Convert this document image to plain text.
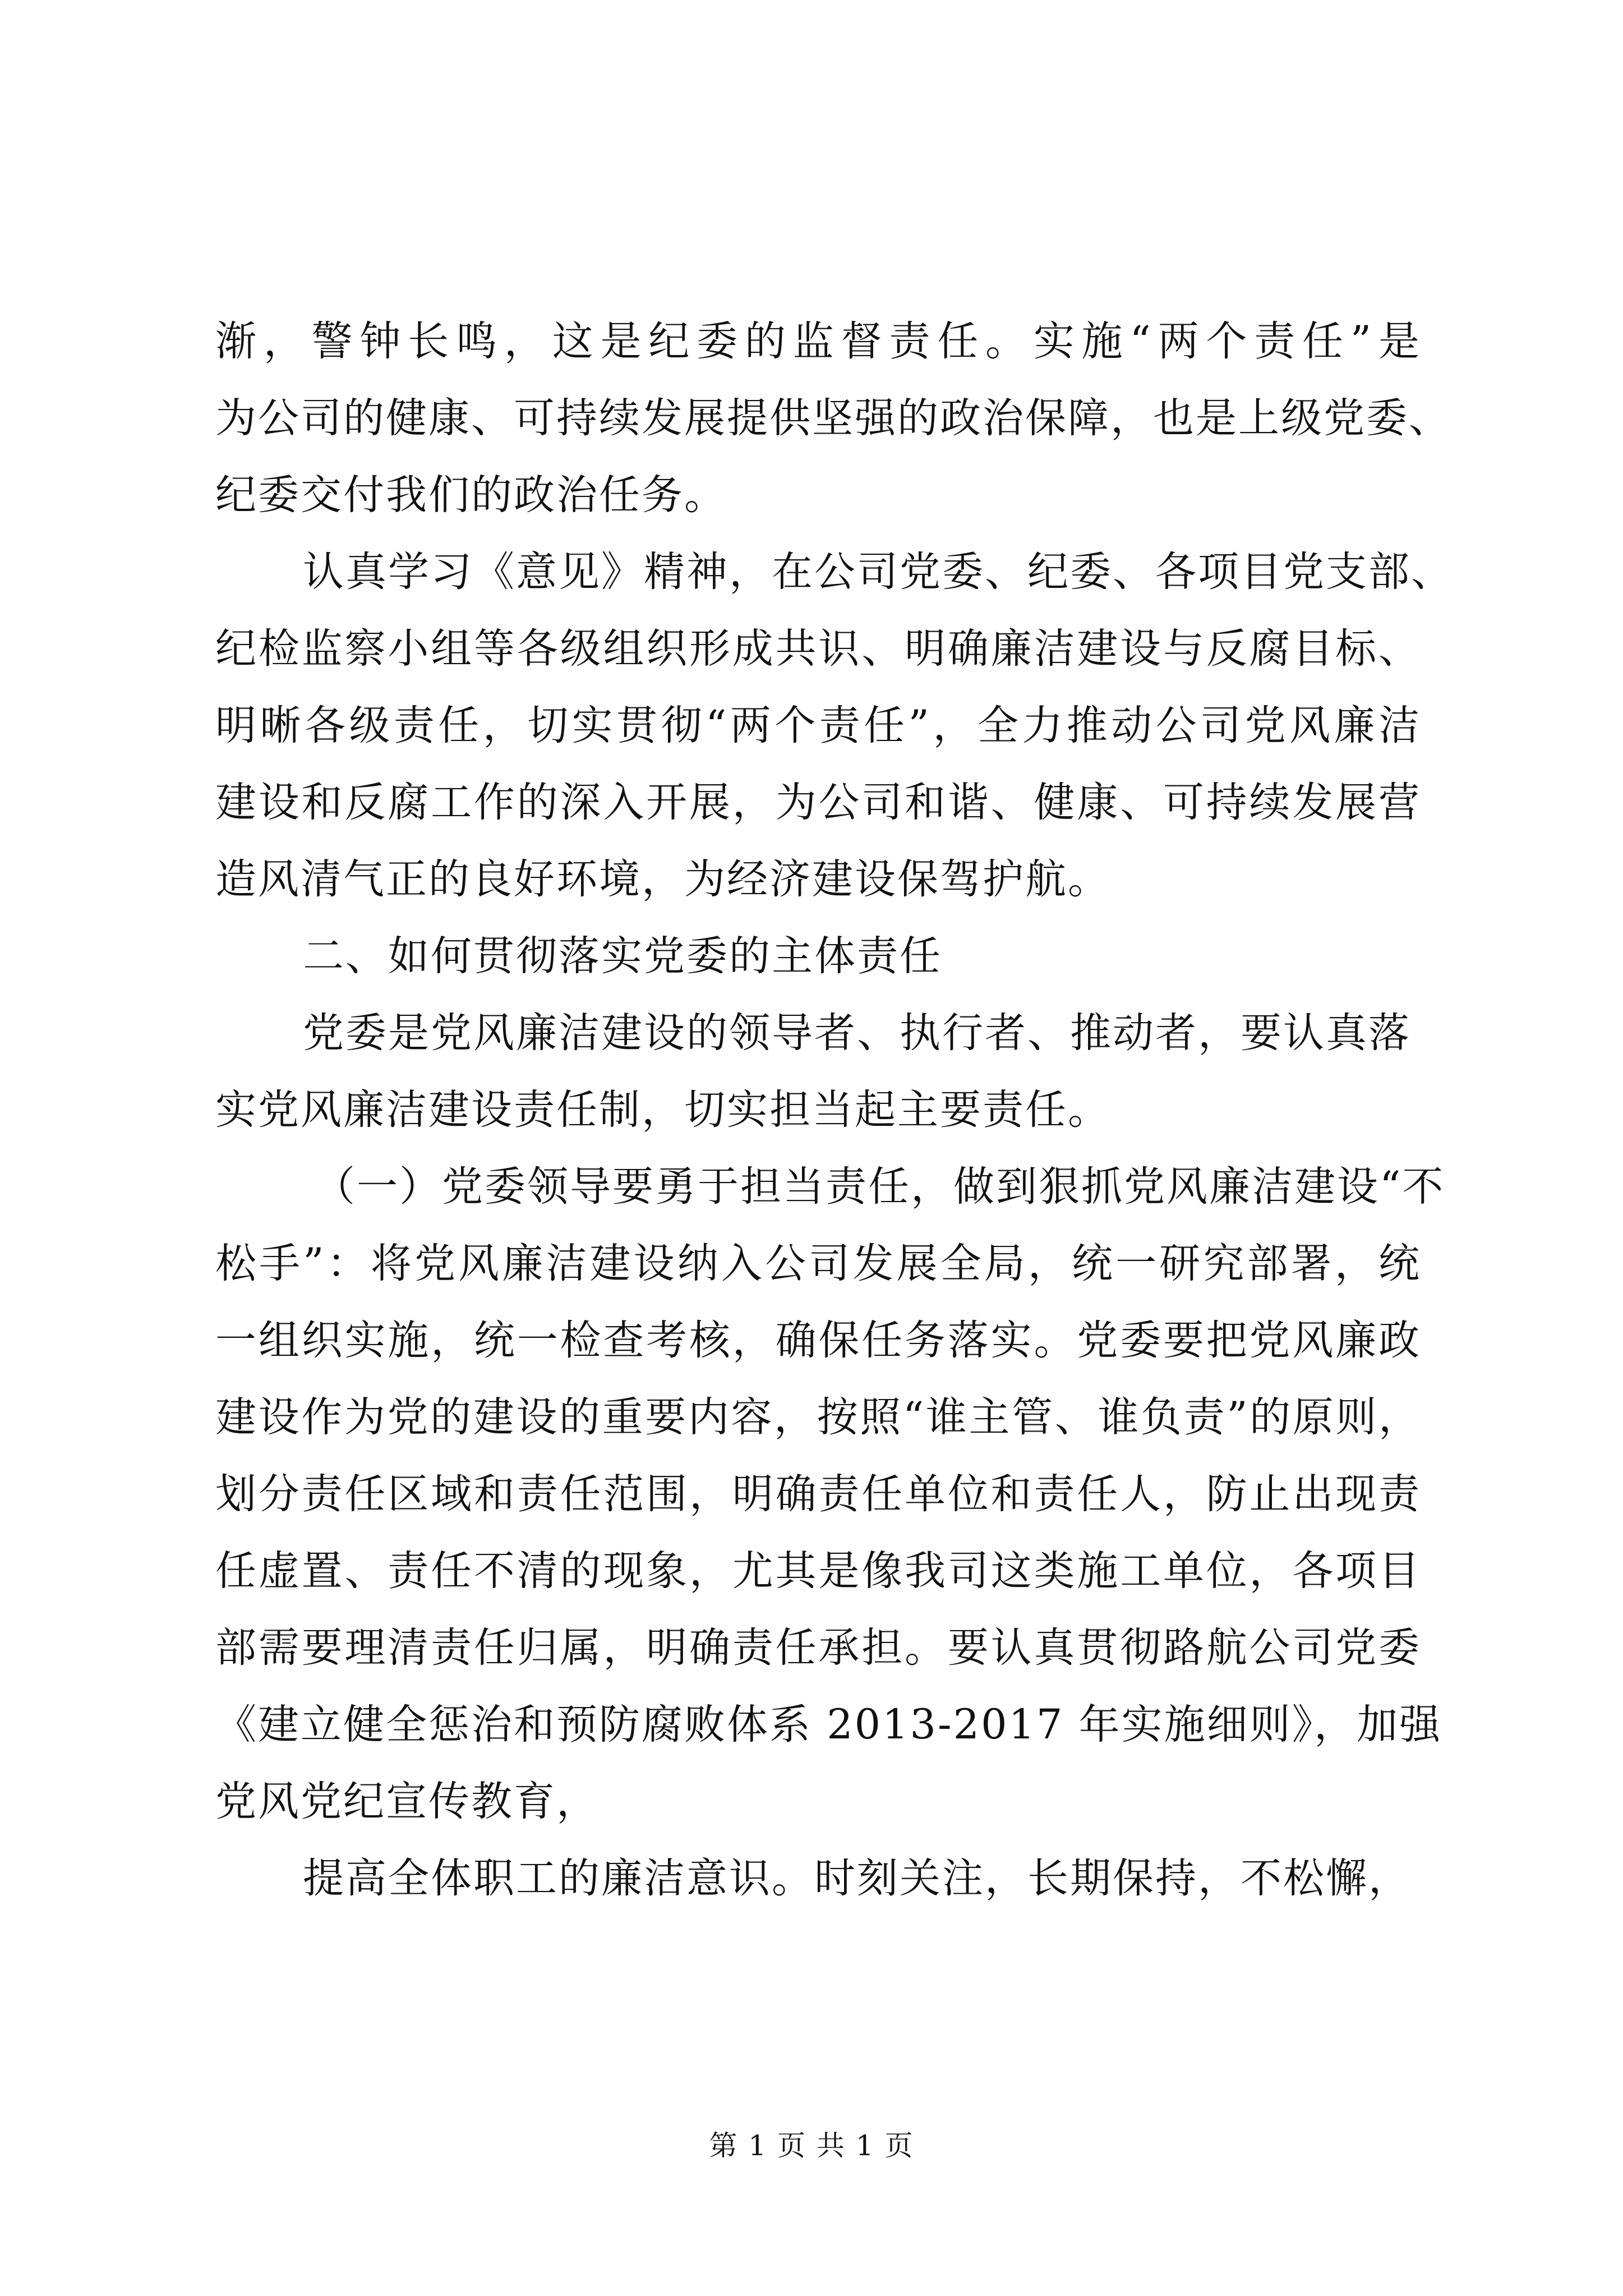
渐，警钟长鸣，这是纪委的监督责任。实施“两个责任”是
为公司的健康、可持续发展提供坚强的政治保障，也是上级党委、
纪委交付我们的政治任务。
认真学习《意见》精神，在公司党委、纪委、各项目党支部、
纪检监察小组等各级组织形成共识、明确廉洁建设与反腐目标、
明晰各级责任，切实贯彻“两个责任”，全力推动公司党风廉洁
建设和反腐工作的深入开展，为公司和谐、健康、可持续发展营
造风清气正的良好环境，为经济建设保驾护航。
二、如何贯彻落实党委的主体责任
党委是党风廉洁建设的领导者、执行者、推动者，要认真落
实党风廉洁建设责任制，切实担当起主要责任。
（一）党委领导要勇于担当责任，做到狠抓党风廉洁建设“不
松手”：将党风廉洁建设纳入公司发展全局，统一研究部署，统
一组织实施，统一检查考核，确保任务落实。党委要把党风廉政
建设作为党的建设的重要内容，按照“谁主管、谁负责”的原则，
划分责任区域和责任范围，明确责任单位和责任人，防止出现责
任虚置、责任不清的现象，尤其是像我司这类施工单位，各项目
部需要理清责任归属，明确责任承担。要认真贯彻路航公司党委
《建立健全惩治和预防腐败体系 2013-2017 年实施细则》，加强
党风党纪宣传教育，
提高全体职工的廉洁意识。时刻关注，长期保持，不松懈，
第 1 页 共 1 页
